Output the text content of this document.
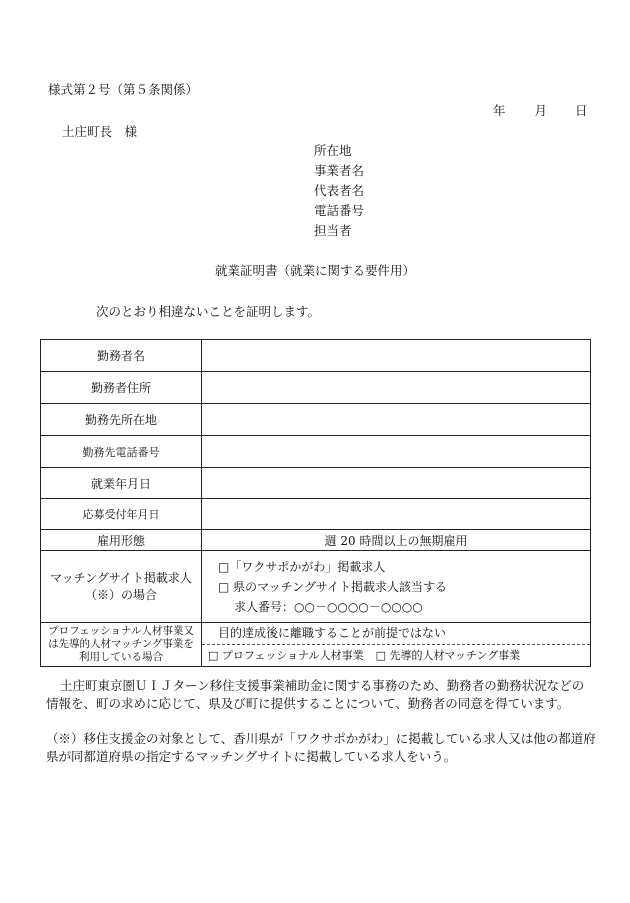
様式第２号（第５条関係）
年 月 日
土庄町長　様
所在地
事業者名
代表者名
電話番号
担当者
就業証明書（就業に関する要件用）
次のとおり相違ないことを証明します。
勤務者名	
勤務者住所	
勤務先所在地	
勤務先電話番号	
就業年月日	
応募受付年月日	
雇用形態	週 20 時間以上の無期雇用
マッチングサイト掲載求人（※）の場合	□「ワクサポかがわ」掲載求人
□ 県のマッチングサイト掲載求人該当する
求人番号：○○－○○○○－○○○○

プロフェッショナル人材事業又は先導的人材マッチング事業を利用している場合	目的達成後に離職することが前提ではない
□ プロフェッショナル人材事業 □ 先導的人材マッチング事業
土庄町東京圏ＵＩＪターン移住支援事業補助金に関する事務のため、勤務者の勤務状況などの情報を、町の求めに応じて、県及び町に提供することについて、勤務者の同意を得ています。
（※）移住支援金の対象として、香川県が「ワクサポかがわ」に掲載している求人又は他の都道府県が同都道府県の指定するマッチングサイトに掲載している求人をいう。
